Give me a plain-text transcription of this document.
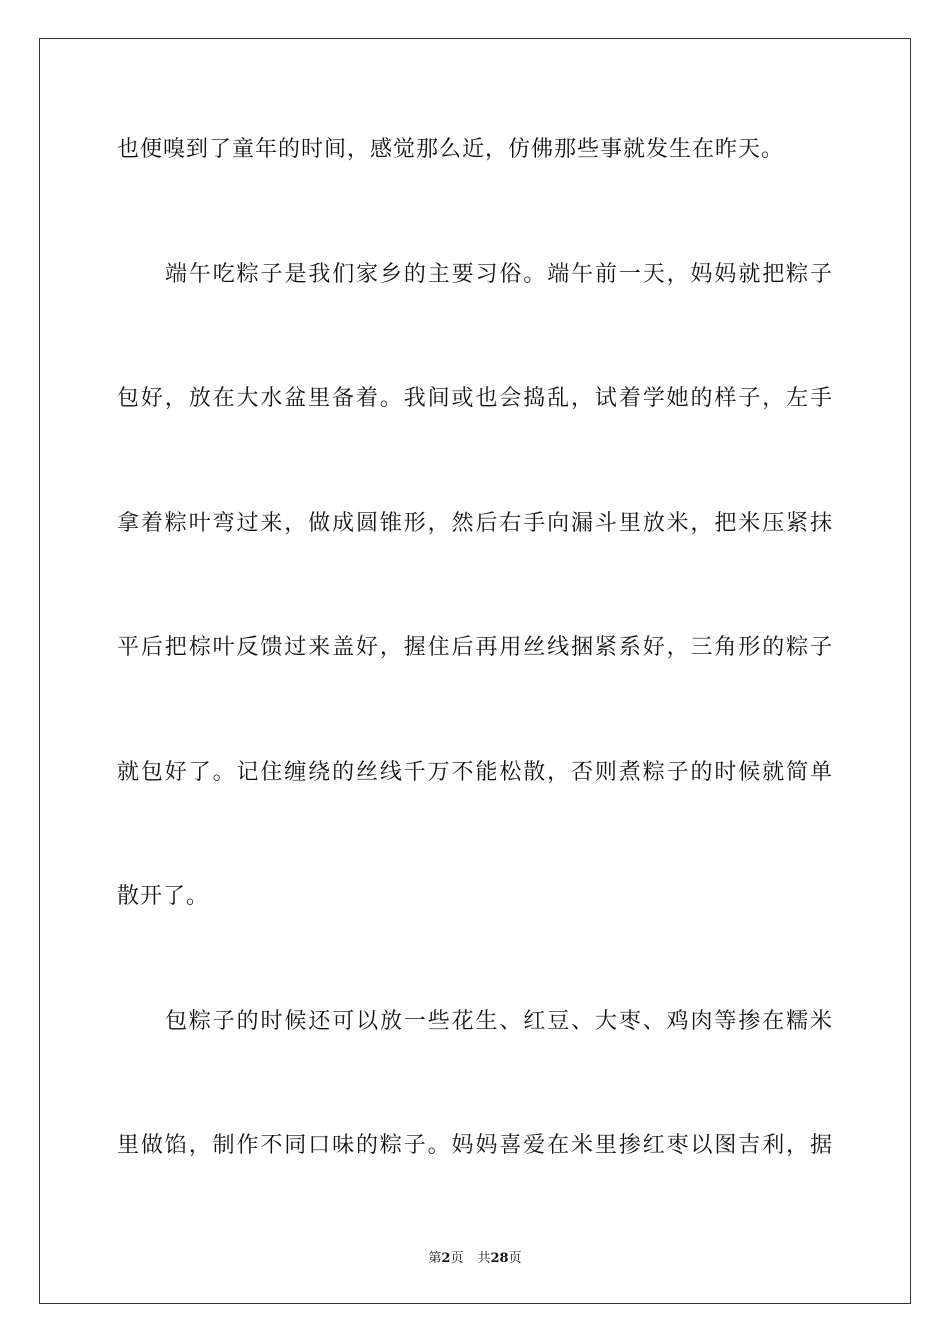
也便嗅到了童年的时间，感觉那么近，仿佛那些事就发生在昨天。
端午吃粽子是我们家乡的主要习俗。端午前一天，妈妈就把粽子
包好，放在大水盆里备着。我间或也会捣乱，试着学她的样子，左手
拿着粽叶弯过来，做成圆锥形，然后右手向漏斗里放米，把米压紧抹
平后把棕叶反馈过来盖好，握住后再用丝线捆紧系好，三角形的粽子
就包好了。记住缠绕的丝线千万不能松散，否则煮粽子的时候就简单
散开了。
包粽子的时候还可以放一些花生、红豆、大枣、鸡肉等掺在糯米
里做馅，制作不同口味的粽子。妈妈喜爱在米里掺红枣以图吉利，据
第2页 共28页
